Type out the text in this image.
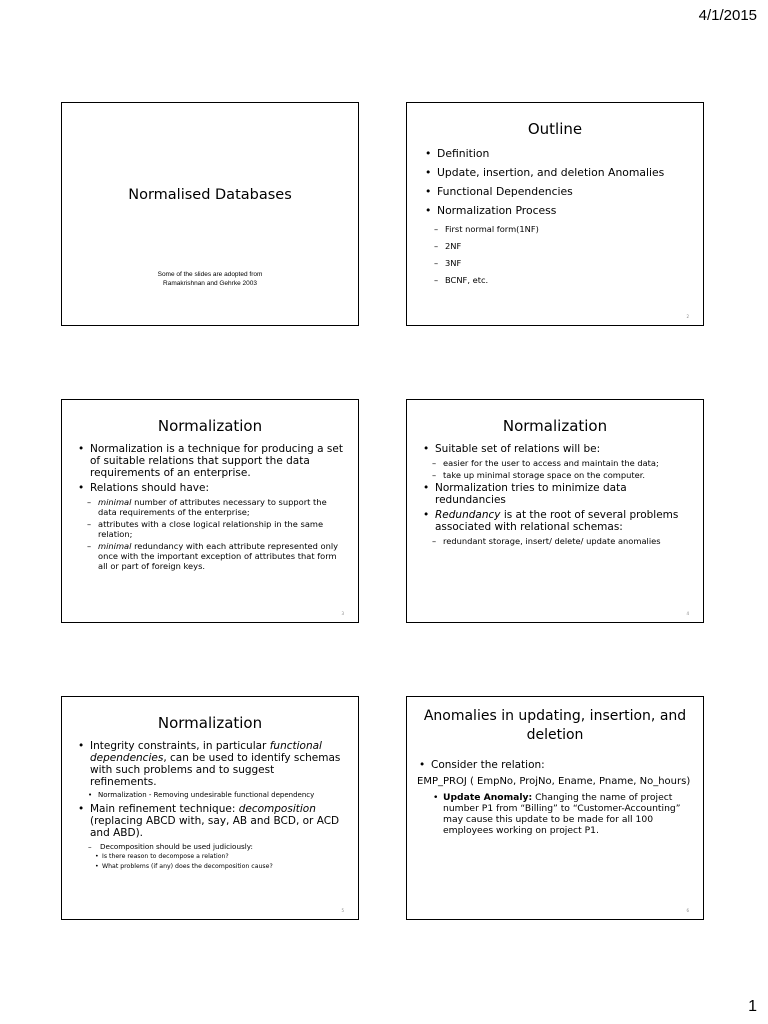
4/1/2015
Normalised Databases
Some of the slides are adopted from
Ramakrishnan and Gehrke 2003
Outline
• Definition
• Update, insertion, and deletion Anomalies
• Functional Dependencies
• Normalization Process
– First normal form(1NF)
– 2NF
– 3NF
– BCNF, etc.
2
Normalization
• Normalization is a technique for producing a set of suitable relations that support the data requirements of an enterprise.
• Relations should have:
– minimal number of attributes necessary to support the data requirements of the enterprise;
– attributes with a close logical relationship in the same relation;
– minimal redundancy with each attribute represented only once with the important exception of attributes that form all or part of foreign keys.
3
Normalization
• Suitable set of relations will be:
– easier for the user to access and maintain the data;
– take up minimal storage space on the computer.
• Normalization tries to minimize data redundancies
• Redundancy is at the root of several problems associated with relational schemas:
– redundant storage, insert/ delete/ update anomalies
4
Normalization
• Integrity constraints, in particular functional dependencies, can be used to identify schemas with such problems and to suggest refinements.
• Normalization - Removing undesirable functional dependency
• Main refinement technique: decomposition (replacing ABCD with, say, AB and BCD, or ACD and ABD).
– Decomposition should be used judiciously:
• Is there reason to decompose a relation?
• What problems (if any) does the decomposition cause?
5
Anomalies in updating, insertion, and
deletion
• Consider the relation:
EMP_PROJ ( EmpNo, ProjNo, Ename, Pname, No_hours)
• Update Anomaly: Changing the name of project number P1 from “Billing” to “Customer-Accounting” may cause this update to be made for all 100 employees working on project P1.
6
1
